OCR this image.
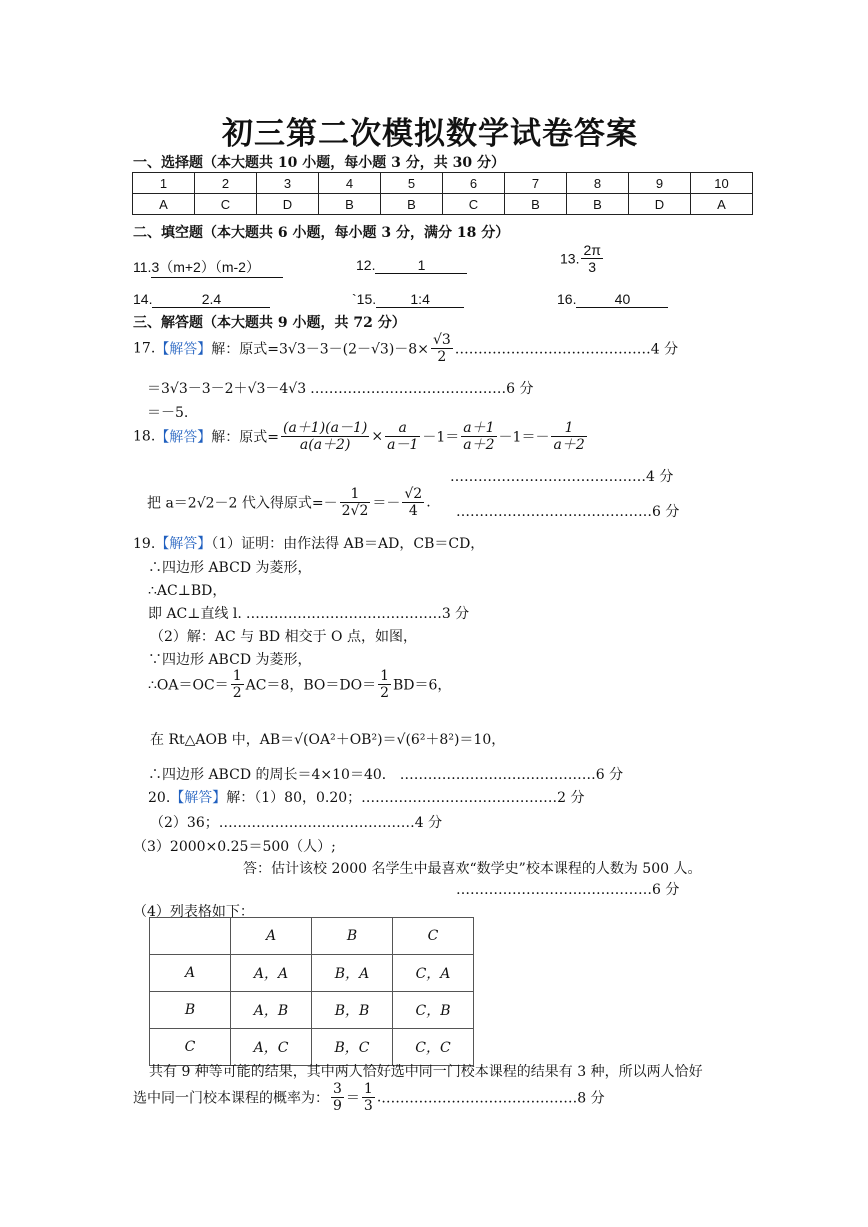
初三第二次模拟数学试卷答案
一、选择题（本大题共 10 小题，每小题 3 分，共 30 分）
1	2	3	4	5	6	7	8	9	10
A	C	D	B	B	C	B	B	D	A
二、填空题（本大题共 6 小题，每小题 3 分，满分 18 分）
11.3（m+2）（m-2）	12.	1	13. $\frac{2\pi}{3}$
14.	2.4	`15. 1:4	16.	40
三、解答题（本大题共 9 小题，共 72 分）
17.【解答】解：原式$=3√3-3-(2-√3)-8\times \frac{√3}{2}$ ……………………………………4 分
＝3√3－3－2＋√3－4√3 ……………………………………6 分
＝－5.
18.【解答】解：原式= $\frac{(a+1)(a-1)}{a(a+2)} \times \frac{a}{a-1} -1= \frac{a+1}{a+2} -1=- \frac{1}{a+2}$
……………………………………4 分
把 a＝2√2－2 代入得原式=－ $\frac{1}{2√2} =- \frac{√2}{4}$ .
……………………………………6 分
19.【解答】（1）证明：由作法得 AB＝AD，CB＝CD，
∴四边形 ABCD 为菱形，
∴AC⊥BD，
即 AC⊥直线 l. ……………………………………3 分
（2）解：AC 与 BD 相交于 O 点，如图，
∵四边形 ABCD 为菱形，
∴OA＝OC＝ $\frac{1}{2} AC=8$，$BO=DO= \frac{1}{2} BD=6$，
在 Rt△AOB 中，AB＝√(OA²＋OB²)＝√(6²＋8²)＝10，
∴四边形 ABCD 的周长＝4×10＝40． ……………………………………6 分
20.【解答】解：（1）80，0.20；……………………………………2 分
（2）36；……………………………………4 分
（3）2000×0.25＝500（人）;
答：估计该校 2000 名学生中最喜欢“数学史”校本课程的人数为 500 人。
……………………………………6 分
（4）列表格如下：
	A	B	C
A	A，A	B，A	C，A
B	A，B	B，B	C，B
C	A，C	B，C	C，C
共有 9 种等可能的结果，其中两人恰好选中同一门校本课程的结果有 3 种，所以两人恰好
选中同一门校本课程的概率为： $\frac{3}{9} = \frac{1}{3}$ .……………………………………8 分
